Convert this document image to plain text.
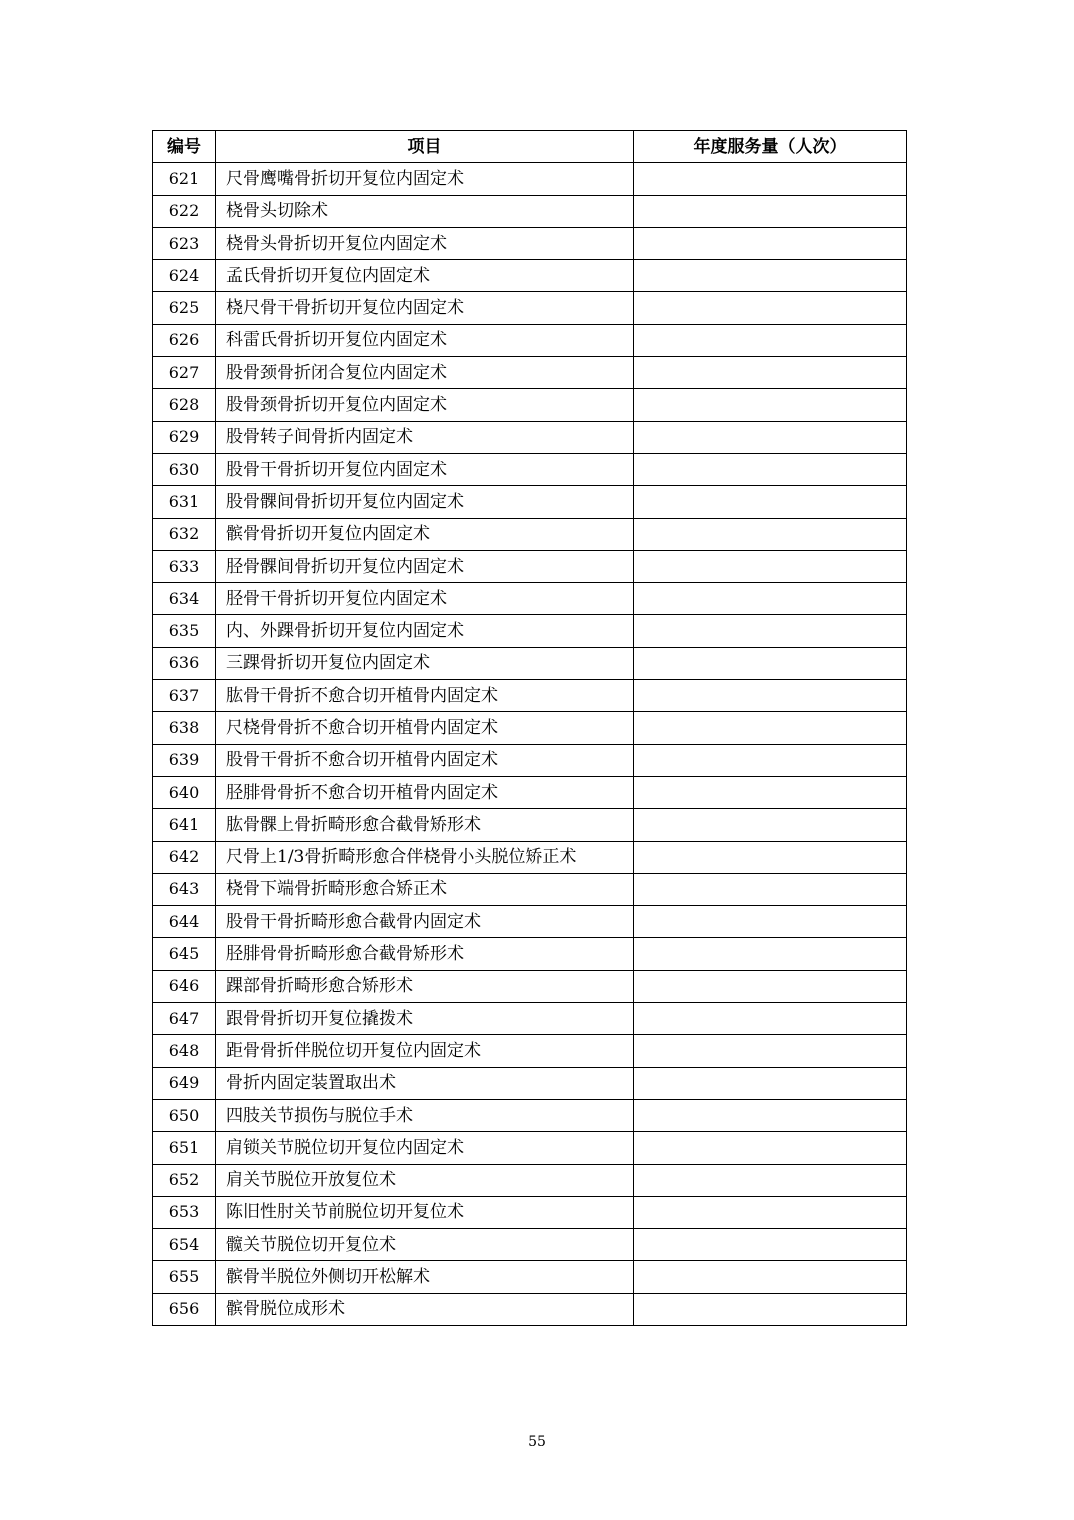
编号	项目	年度服务量（人次）
621	尺骨鹰嘴骨折切开复位内固定术	
622	桡骨头切除术	
623	桡骨头骨折切开复位内固定术	
624	孟氏骨折切开复位内固定术	
625	桡尺骨干骨折切开复位内固定术	
626	科雷氏骨折切开复位内固定术	
627	股骨颈骨折闭合复位内固定术	
628	股骨颈骨折切开复位内固定术	
629	股骨转子间骨折内固定术	
630	股骨干骨折切开复位内固定术	
631	股骨髁间骨折切开复位内固定术	
632	髌骨骨折切开复位内固定术	
633	胫骨髁间骨折切开复位内固定术	
634	胫骨干骨折切开复位内固定术	
635	内、外踝骨折切开复位内固定术	
636	三踝骨折切开复位内固定术	
637	肱骨干骨折不愈合切开植骨内固定术	
638	尺桡骨骨折不愈合切开植骨内固定术	
639	股骨干骨折不愈合切开植骨内固定术	
640	胫腓骨骨折不愈合切开植骨内固定术	
641	肱骨髁上骨折畸形愈合截骨矫形术	
642	尺骨上1/3骨折畸形愈合伴桡骨小头脱位矫正术	
643	桡骨下端骨折畸形愈合矫正术	
644	股骨干骨折畸形愈合截骨内固定术	
645	胫腓骨骨折畸形愈合截骨矫形术	
646	踝部骨折畸形愈合矫形术	
647	跟骨骨折切开复位撬拨术	
648	距骨骨折伴脱位切开复位内固定术	
649	骨折内固定装置取出术	
650	四肢关节损伤与脱位手术	
651	肩锁关节脱位切开复位内固定术	
652	肩关节脱位开放复位术	
653	陈旧性肘关节前脱位切开复位术	
654	髋关节脱位切开复位术	
655	髌骨半脱位外侧切开松解术	
656	髌骨脱位成形术	
55
